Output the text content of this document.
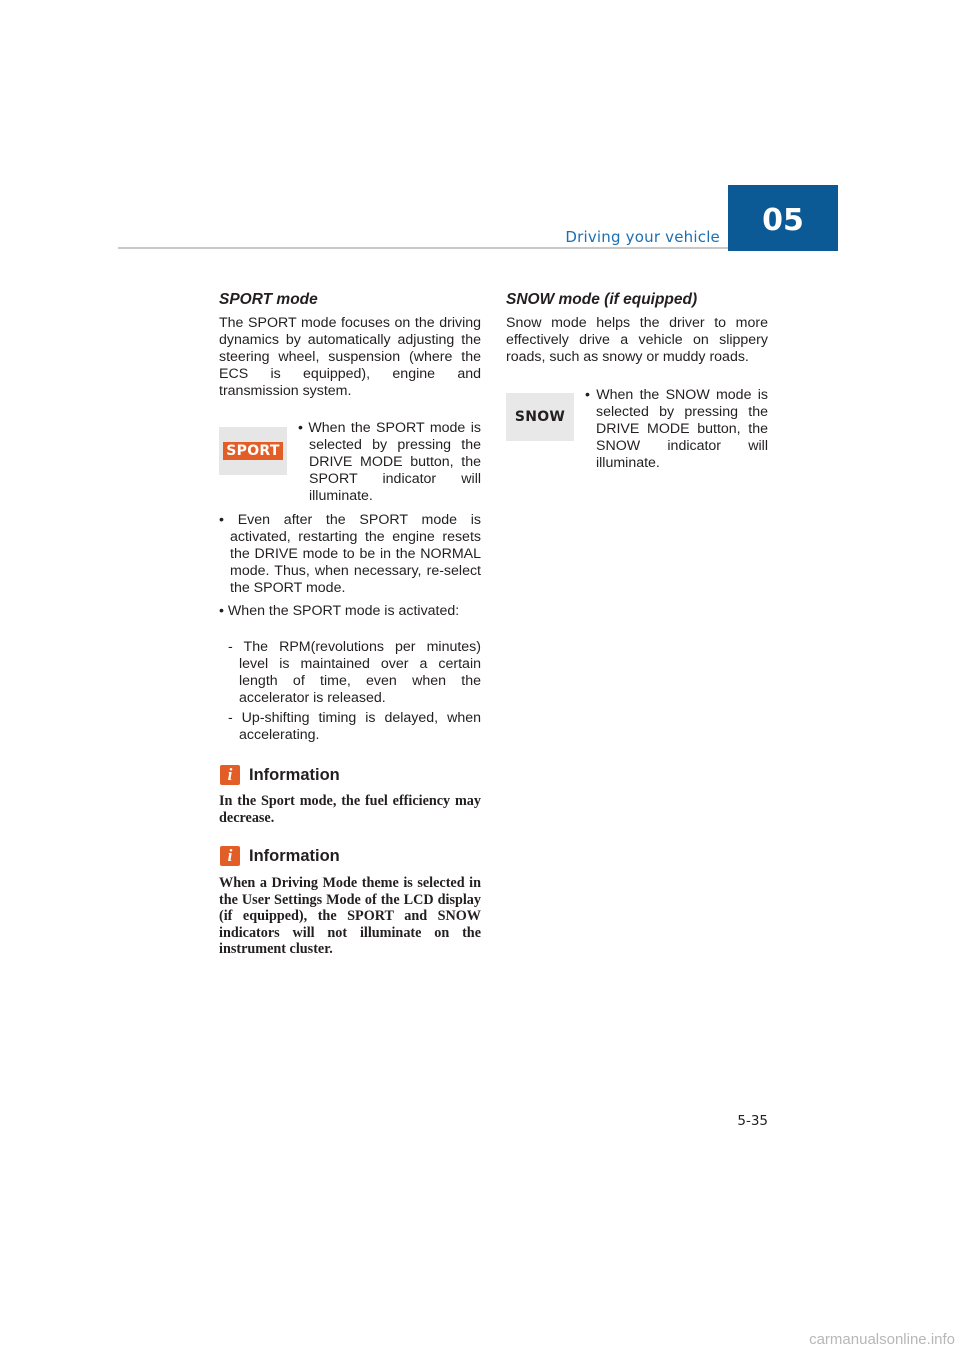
Driving your vehicle	05
SPORT mode
The SPORT mode focuses on the driving dynamics by automatically adjusting the steering wheel, suspension (where the ECS is equipped), engine and transmission system.
SPORT
• When the SPORT mode is selected by pressing the DRIVE MODE button, the SPORT indicator will illuminate.
• Even after the SPORT mode is activated, restarting the engine resets the DRIVE mode to be in the NORMAL mode. Thus, when necessary, re-select the SPORT mode.
• When the SPORT mode is activated:
- The RPM(revolutions per minutes) level is maintained over a certain length of time, even when the accelerator is released.
- Up-shifting timing is delayed, when accelerating.
i	Information
In the Sport mode, the fuel efficiency may decrease.
i	Information
When a Driving Mode theme is selected in the User Settings Mode of the LCD display (if equipped), the SPORT and SNOW indicators will not illuminate on the instrument cluster.
SNOW mode (if equipped)
Snow mode helps the driver to more effectively drive a vehicle on slippery roads, such as snowy or muddy roads.
SNOW
• When the SNOW mode is selected by pressing the DRIVE MODE button, the SNOW indicator will illuminate.
5-35
carmanualsonline.info
